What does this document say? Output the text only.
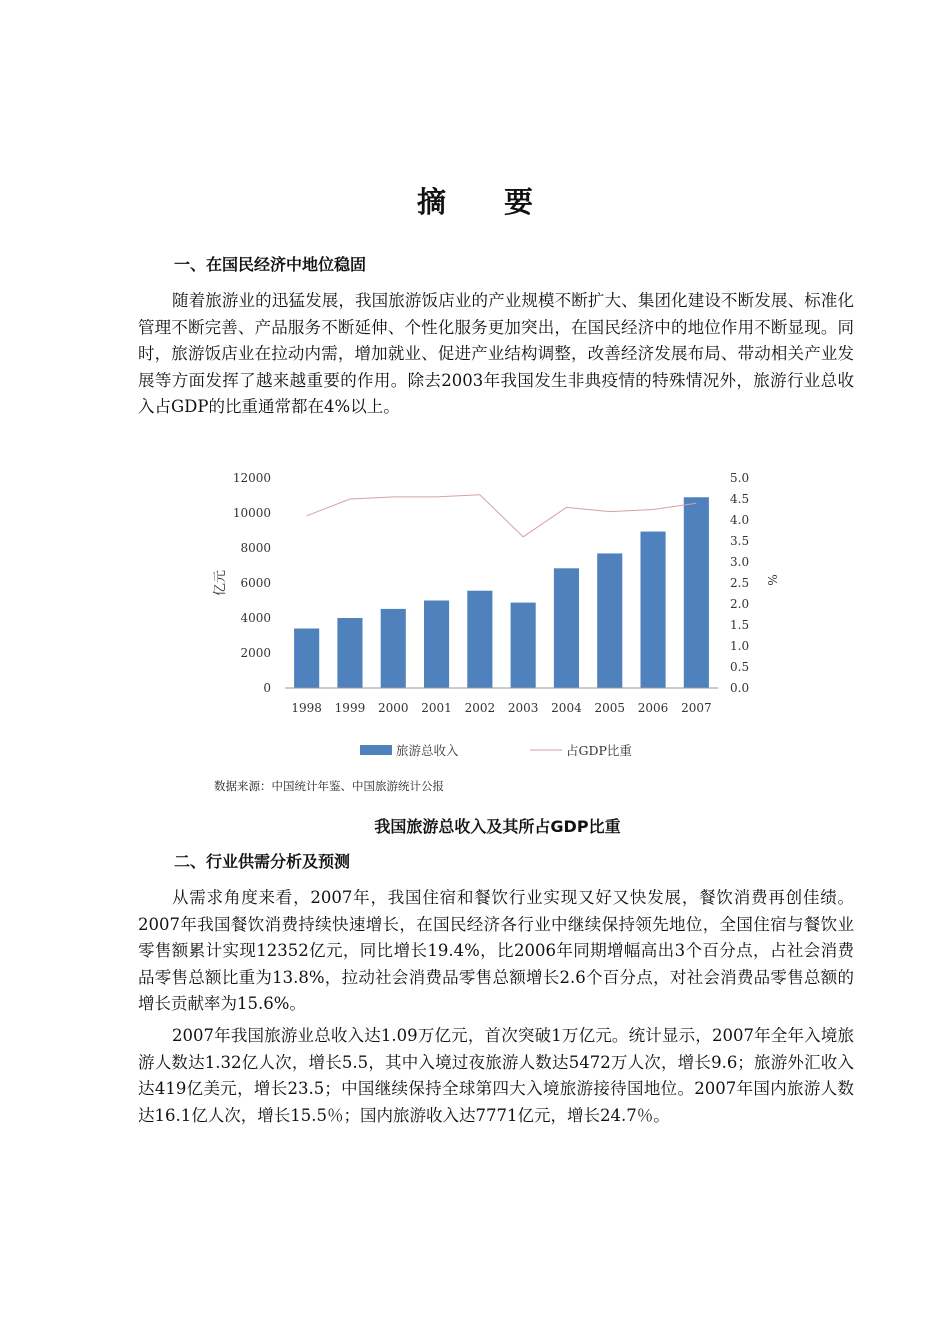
摘 要
一、在国民经济中地位稳固

随着旅游业的迅猛发展，我国旅游饭店业的产业规模不断扩大、集团化建设不断发展、标准化管理不断完善、产品服务不断延伸、个性化服务更加突出，在国民经济中的地位作用不断显现。同时，旅游饭店业在拉动内需，增加就业、促进产业结构调整，改善经济发展布局、带动相关产业发展等方面发挥了越来越重要的作用。除去2003年我国发生非典疫情的特殊情况外，旅游行业总收入占GDP的比重通常都在4%以上。

0
2000
4000
6000
8000
10000
12000
0.0
0.5
1.0
1.5
2.0
2.5
3.0
3.5
4.0
4.5
5.0
亿元	%
1998 1999 2000 2001 2002 2003 2004 2005 2006 2007
旅游总收入	占GDP比重
数据来源：中国统计年鉴、中国旅游统计公报
我国旅游总收入及其所占GDP比重
二、行业供需分析及预测

从需求角度来看，2007年，我国住宿和餐饮行业实现又好又快发展，餐饮消费再创佳绩。2007年我国餐饮消费持续快速增长，在国民经济各行业中继续保持领先地位，全国住宿与餐饮业零售额累计实现12352亿元，同比增长19.4%，比2006年同期增幅高出3个百分点，占社会消费品零售总额比重为13.8%，拉动社会消费品零售总额增长2.6个百分点，对社会消费品零售总额的增长贡献率为15.6%。

2007年我国旅游业总收入达1.09万亿元，首次突破1万亿元。统计显示，2007年全年入境旅游人数达1.32亿人次，增长5.5，其中入境过夜旅游人数达5472万人次，增长9.6；旅游外汇收入达419亿美元，增长23.5；中国继续保持全球第四大入境旅游接待国地位。2007年国内旅游人数达16.1亿人次，增长15.5％；国内旅游收入达7771亿元，增长24.7％。
